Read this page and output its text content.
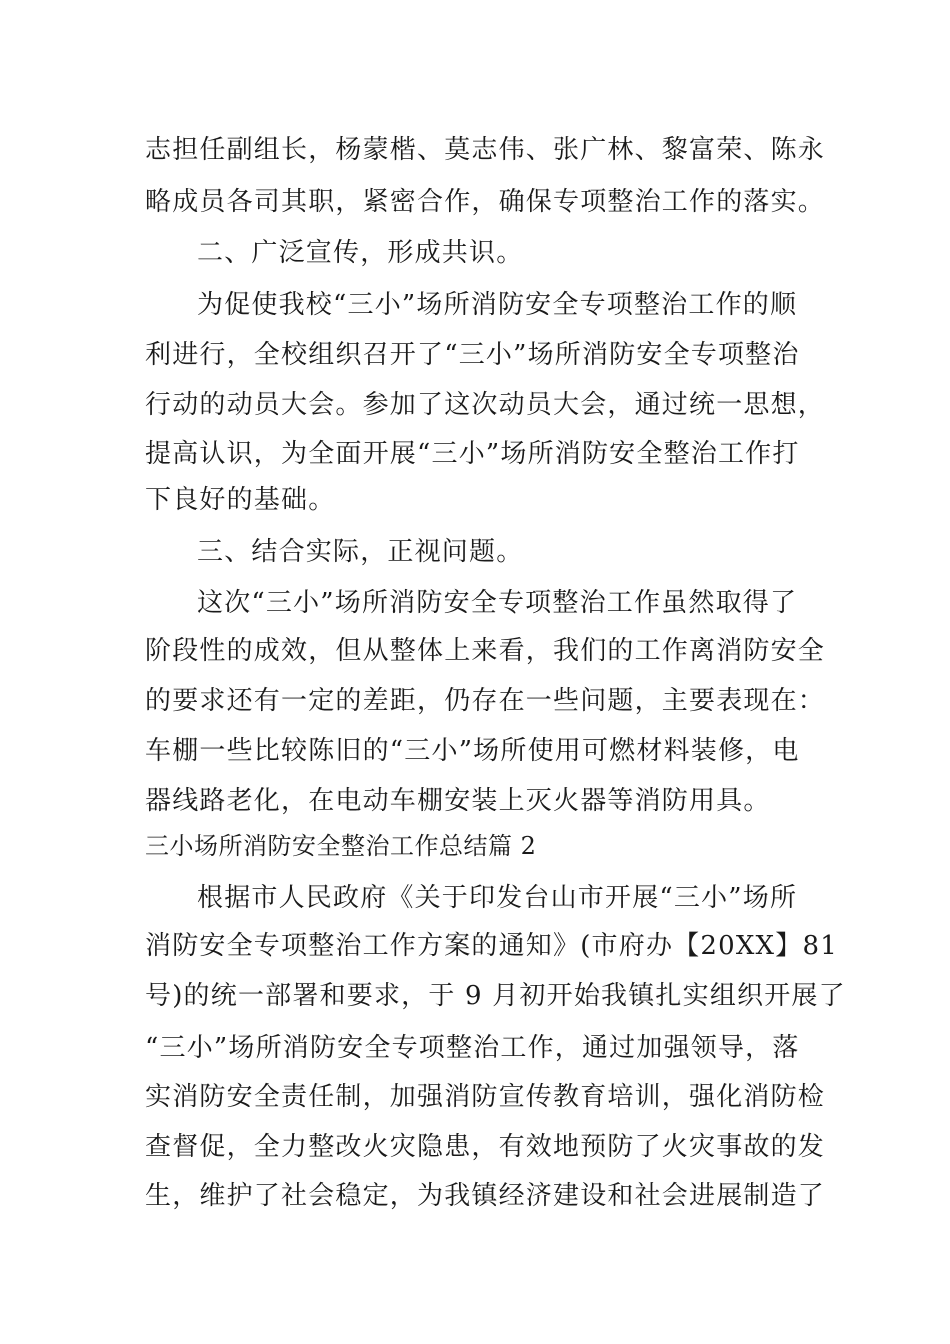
志担任副组长，杨蒙楷、莫志伟、张广林、黎富荣、陈永
略成员各司其职，紧密合作，确保专项整治工作的落实。
二、广泛宣传，形成共识。
为促使我校“三小”场所消防安全专项整治工作的顺
利进行，全校组织召开了“三小”场所消防安全专项整治
行动的动员大会。参加了这次动员大会，通过统一思想，
提高认识，为全面开展“三小”场所消防安全整治工作打
下良好的基础。
三、结合实际，正视问题。
这次“三小”场所消防安全专项整治工作虽然取得了
阶段性的成效，但从整体上来看，我们的工作离消防安全
的要求还有一定的差距，仍存在一些问题，主要表现在：
车棚一些比较陈旧的“三小”场所使用可燃材料装修，电
器线路老化，在电动车棚安装上灭火器等消防用具。
三小场所消防安全整治工作总结篇 2
根据市人民政府《关于印发台山市开展“三小”场所
消防安全专项整治工作方案的通知》(市府办【20XX】81
号)的统一部署和要求，于 9 月初开始我镇扎实组织开展了
“三小”场所消防安全专项整治工作，通过加强领导，落
实消防安全责任制，加强消防宣传教育培训，强化消防检
查督促，全力整改火灾隐患，有效地预防了火灾事故的发
生，维护了社会稳定，为我镇经济建设和社会进展制造了
